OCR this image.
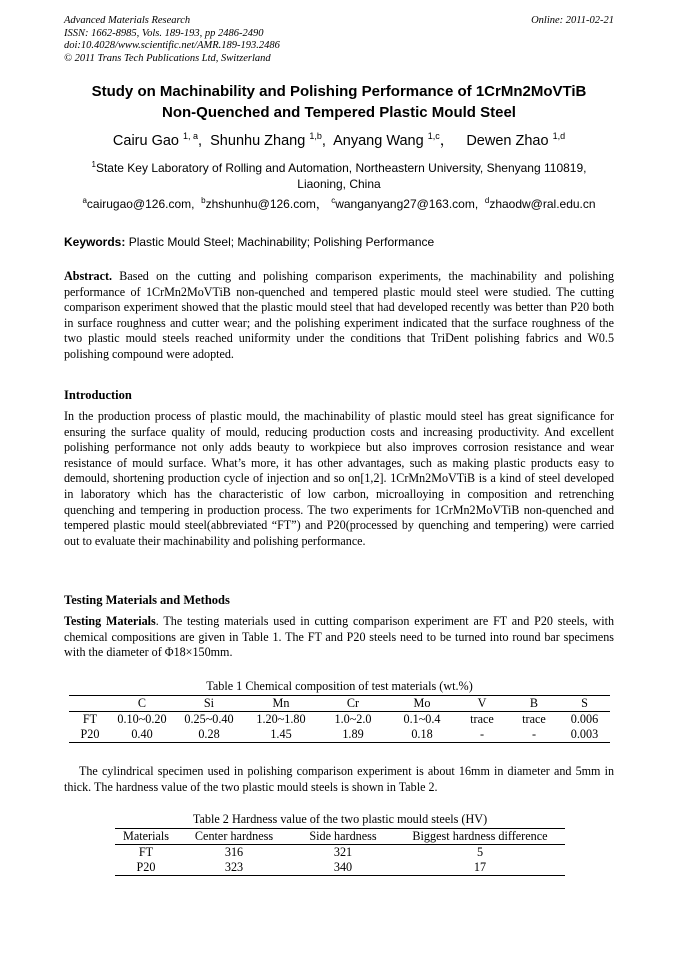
Advanced Materials Research
ISSN: 1662-8985, Vols. 189-193, pp 2486-2490
doi:10.4028/www.scientific.net/AMR.189-193.2486
© 2011 Trans Tech Publications Ltd, Switzerland
Online: 2011-02-21
Study on Machinability and Polishing Performance of 1CrMn2MoVTiB
Non-Quenched and Tempered Plastic Mould Steel
Cairu Gao $^{1, a}$,  Shunhu Zhang $^{1,b}$,  Anyang Wang $^{1,c}$，   Dewen Zhao $^{1,d}$
$^1$State Key Laboratory of Rolling and Automation, Northeastern University, Shenyang 110819, Liaoning, China
$^a$cairugao@126.com,  $^b$zhshunhu@126.com， $^c$wanganyang27@163.com,  $^d$zhaodw@ral.edu.cn
Keywords: Plastic Mould Steel; Machinability; Polishing Performance
Abstract. Based on the cutting and polishing comparison experiments, the machinability and polishing performance of 1CrMn2MoVTiB non-quenched and tempered plastic mould steel were studied. The cutting comparison experiment showed that the plastic mould steel that had developed recently was better than P20 both in surface roughness and cutter wear; and the polishing experiment indicated that the surface roughness of the two plastic mould steels reached uniformity under the conditions that TriDent polishing fabrics and W0.5 polishing compound were adopted.
Introduction
In the production process of plastic mould, the machinability of plastic mould steel has great significance for ensuring the surface quality of mould, reducing production costs and increasing productivity. And excellent polishing performance not only adds beauty to workpiece but also improves corrosion resistance and wear resistance of mould surface. What’s more, it has other advantages, such as making plastic products easy to demould, shortening production cycle of injection and so on[1,2]. 1CrMn2MoVTiB is a kind of steel developed in laboratory which has the characteristic of low carbon, microalloying in composition and retrenching quenching and tempering in production process. The two experiments for 1CrMn2MoVTiB non-quenched and tempered plastic mould steel(abbreviated “FT”) and P20(processed by quenching and tempering) were carried out to evaluate their machinability and polishing performance.
Testing Materials and Methods
Testing Materials. The testing materials used in cutting comparison experiment are FT and P20 steels, with chemical compositions are given in Table 1. The FT and P20 steels need to be turned into round bar specimens with the diameter of Φ18×150mm.
Table 1 Chemical composition of test materials (wt.%)
	C	Si	Mn	Cr	Mo	V	B	S
FT	0.10~0.20	0.25~0.40	1.20~1.80	1.0~2.0	0.1~0.4	trace	trace	0.006
P20	0.40	0.28	1.45	1.89	0.18	-	-	0.003
The cylindrical specimen used in polishing comparison experiment is about 16mm in diameter and 5mm in thick. The hardness value of the two plastic mould steels is shown in Table 2.
Table 2 Hardness value of the two plastic mould steels (HV)
Materials	Center hardness	Side hardness	Biggest hardness difference
FT	316	321	5
P20	323	340	17
